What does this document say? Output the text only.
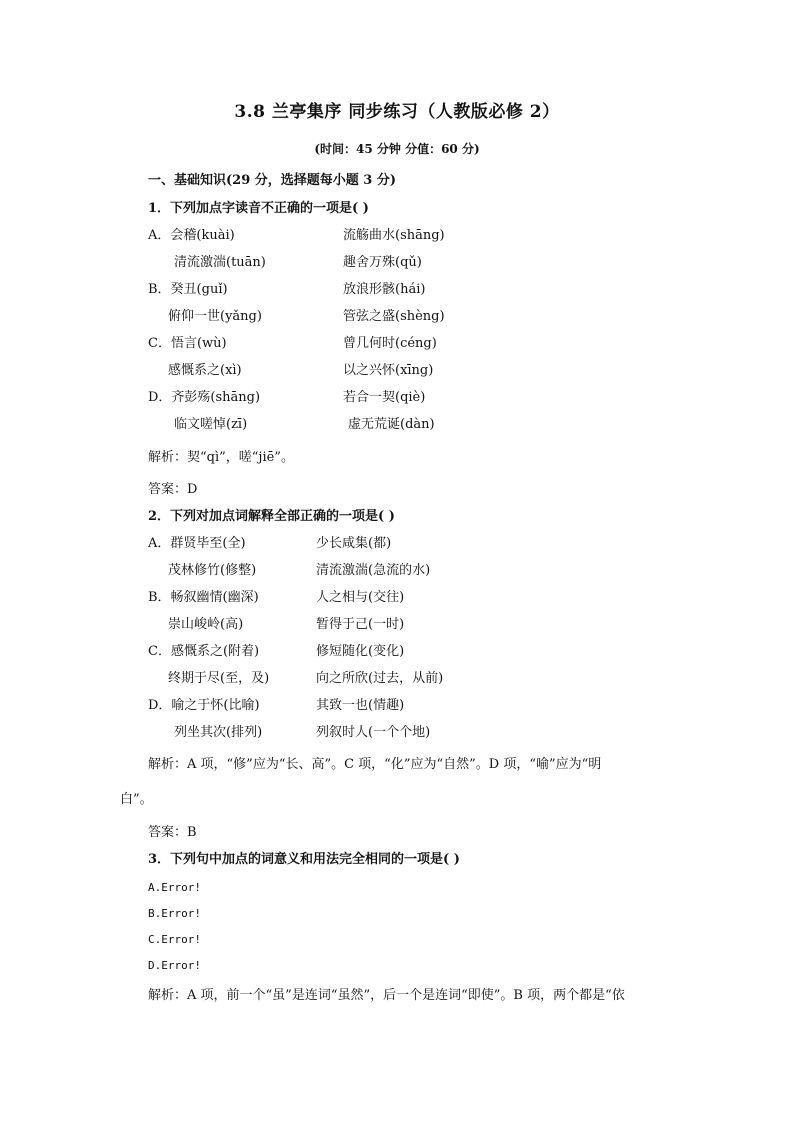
3.8 兰亭集序 同步练习（人教版必修 2）
(时间：45 分钟 分值：60 分)
一、基础知识(29 分，选择题每小题 3 分)
1．下列加点字读音不正确的一项是( )
A．会稽(kuài)	流觞曲水(shāng)
清流激湍(tuān)	趣舍万殊(qǔ)
B．癸丑(guǐ)	放浪形骸(hái)
俯仰一世(yǎng)	管弦之盛(shèng)
C．悟言(wù)	曾几何时(céng)
感慨系之(xì)	以之兴怀(xīng)
D．齐彭殇(shāng)	若合一契(qiè)
临文嗟悼(zī)	虚无荒诞(dàn)
解析：契“qì”，嗟“jiē”。
答案：D
2．下列对加点词解释全部正确的一项是( )
A．群贤毕至(全)	少长咸集(都)
茂林修竹(修整)	清流激湍(急流的水)
B．畅叙幽情(幽深)	人之相与(交往)
崇山峻岭(高)	暂得于己(一时)
C．感慨系之(附着)	修短随化(变化)
终期于尽(至，及)	向之所欣(过去，从前)
D．喻之于怀(比喻)	其致一也(情趣)
列坐其次(排列)	列叙时人(一个个地)
解析：A 项，“修”应为“长、高”。C 项，“化”应为“自然”。D 项，“喻”应为“明
白”。
答案：B
3．下列句中加点的词意义和用法完全相同的一项是( )
A.Error!
B.Error!
C.Error!
D.Error!
解析：A 项，前一个“虽”是连词“虽然”，后一个是连词“即使”。B 项，两个都是“依
